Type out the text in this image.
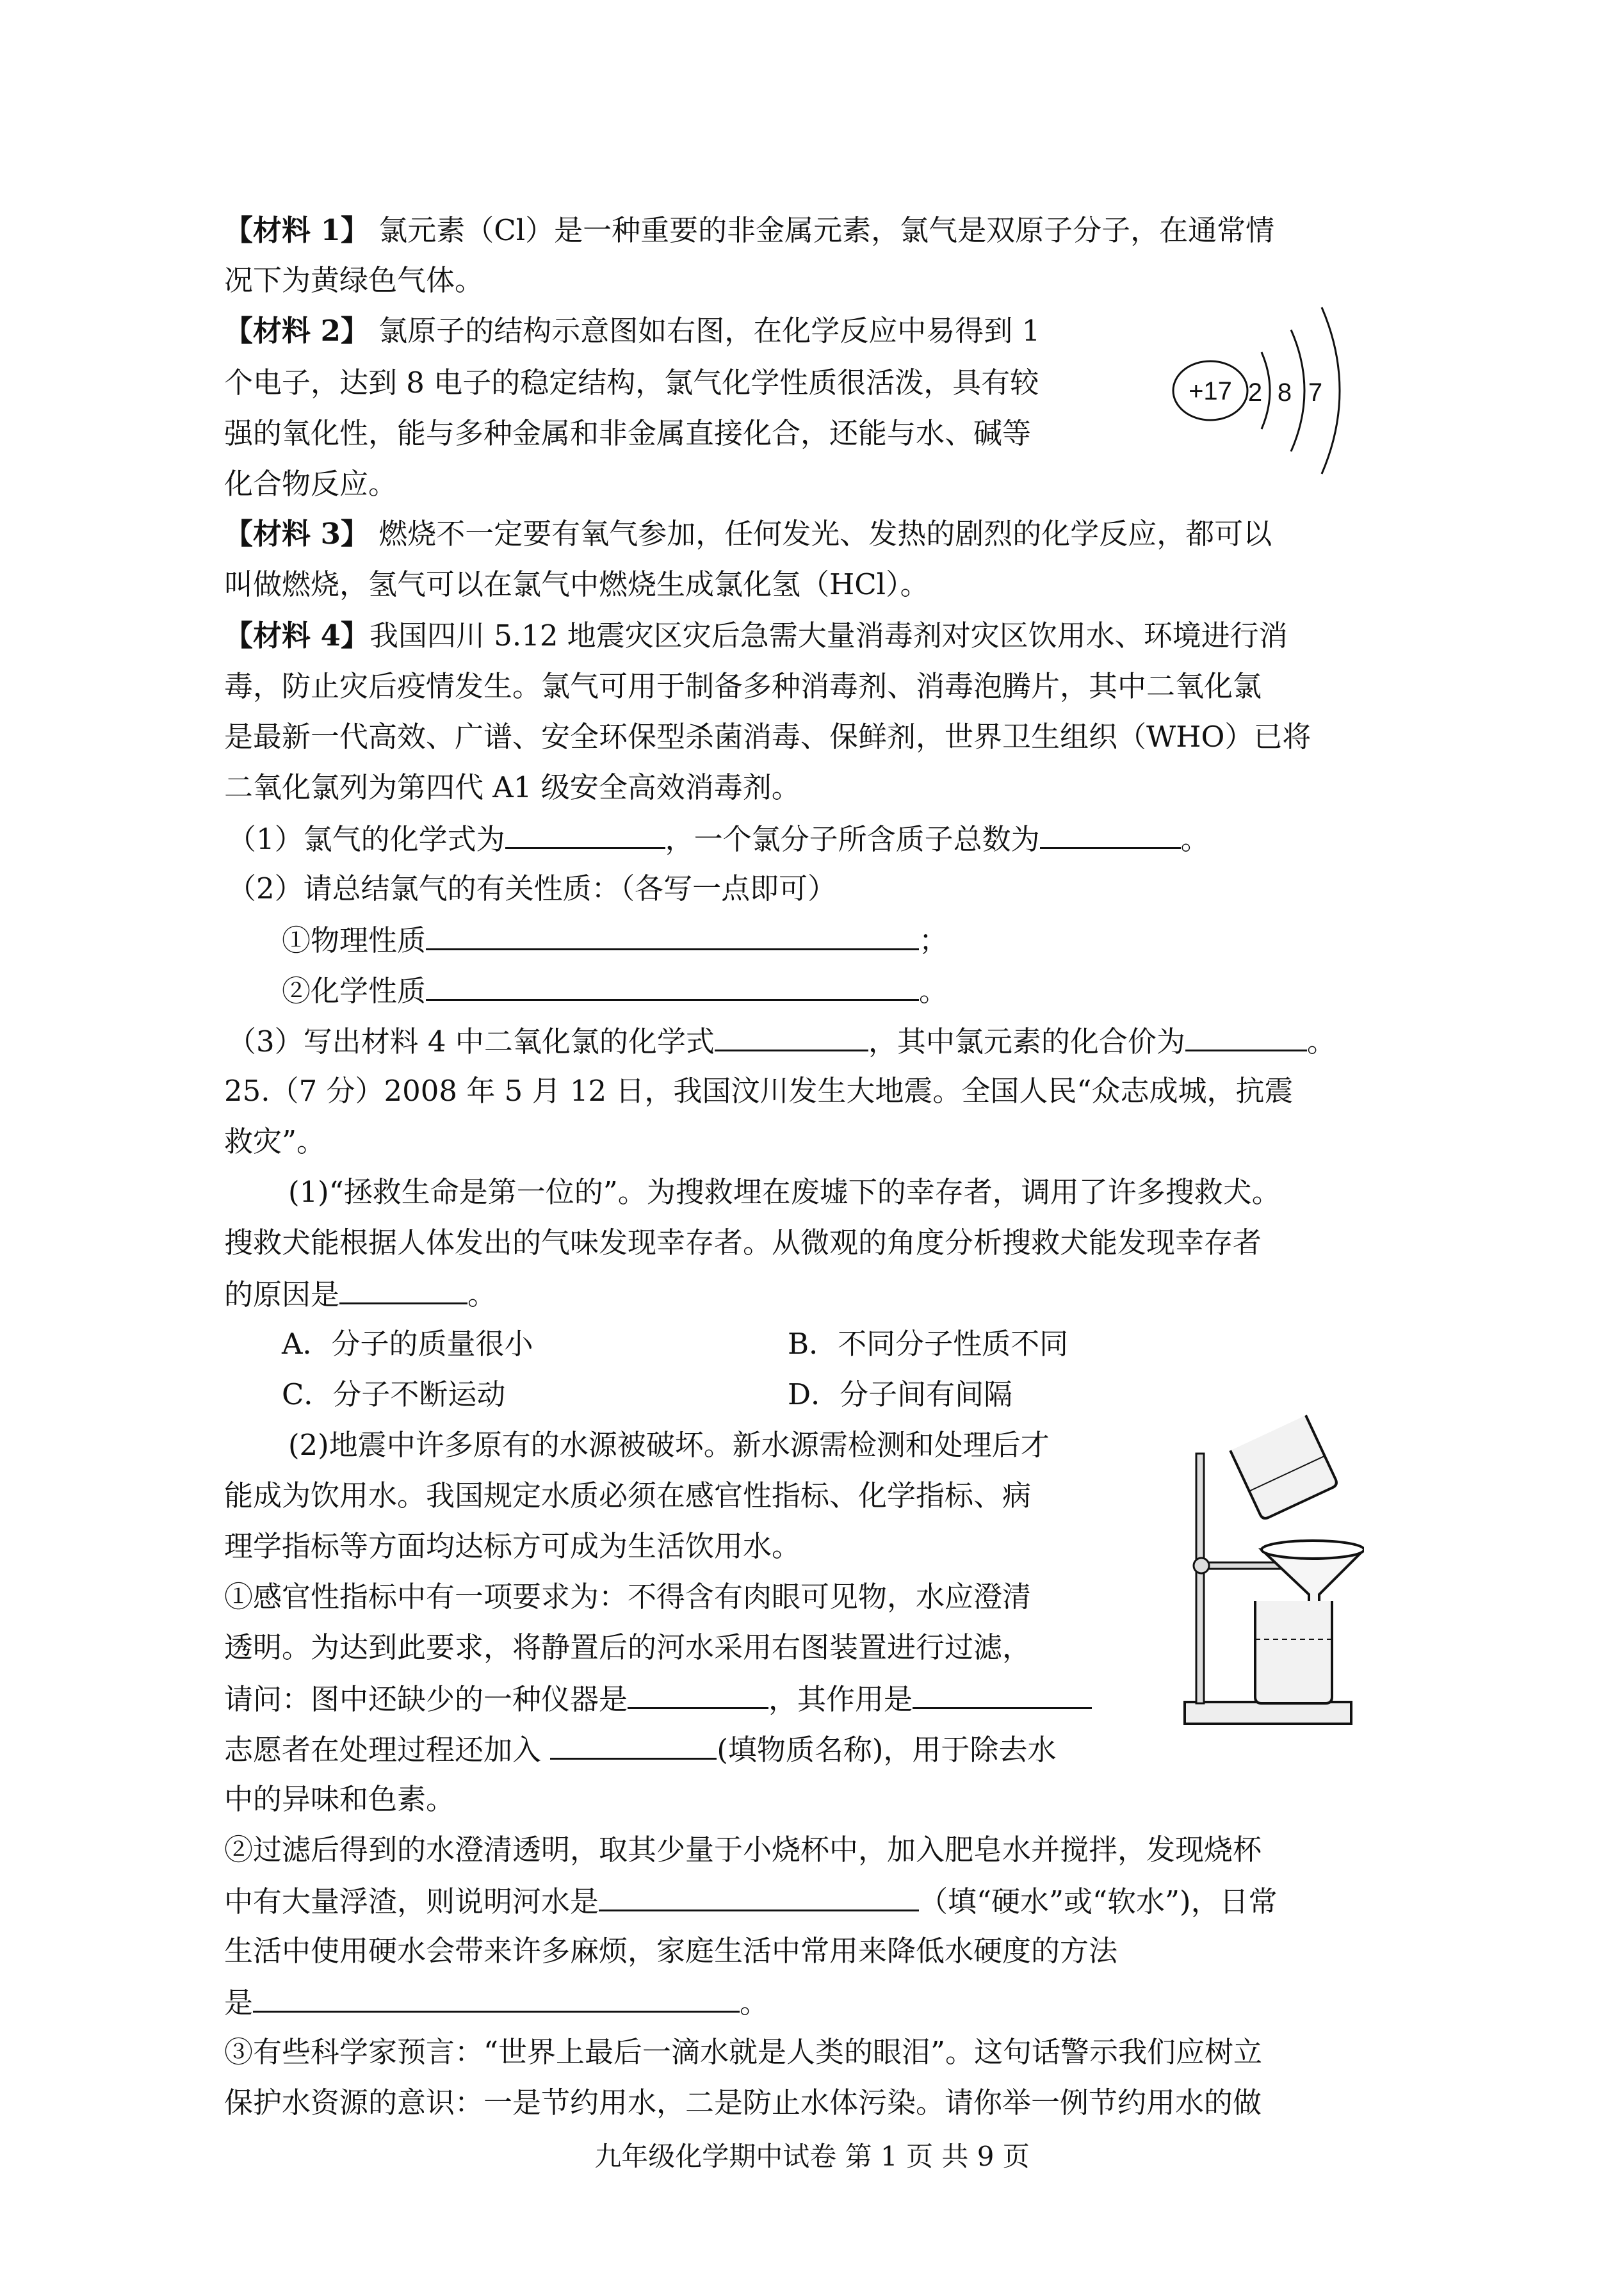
【材料 1】 氯元素（Cl）是一种重要的非金属元素，氯气是双原子分子，在通常情
况下为黄绿色气体。
【材料 2】 氯原子的结构示意图如右图，在化学反应中易得到 1
个电子，达到 8 电子的稳定结构，氯气化学性质很活泼，具有较
强的氧化性，能与多种金属和非金属直接化合，还能与水、碱等
化合物反应。
+17 2 8 7
【材料 3】 燃烧不一定要有氧气参加，任何发光、发热的剧烈的化学反应，都可以
叫做燃烧，氢气可以在氯气中燃烧生成氯化氢（HCl）。
【材料 4】我国四川 5.12 地震灾区灾后急需大量消毒剂对灾区饮用水、环境进行消
毒，防止灾后疫情发生。氯气可用于制备多种消毒剂、消毒泡腾片，其中二氧化氯
是最新一代高效、广谱、安全环保型杀菌消毒、保鲜剂，世界卫生组织（WHO）已将
二氧化氯列为第四代 A1 级安全高效消毒剂。
（1）氯气的化学式为	，一个氯分子所含质子总数为	。
（2）请总结氯气的有关性质：（各写一点即可）
①物理性质	；
②化学性质	。
（3）写出材料 4 中二氧化氯的化学式	，其中氯元素的化合价为	。
25.（7 分）2008 年 5 月 12 日，我国汶川发生大地震。全国人民“众志成城，抗震
救灾”。
(1)“拯救生命是第一位的”。为搜救埋在废墟下的幸存者，调用了许多搜救犬。
搜救犬能根据人体发出的气味发现幸存者。从微观的角度分析搜救犬能发现幸存者
的原因是	。
A．分子的质量很小	B．不同分子性质不同
C．分子不断运动	D．分子间有间隔
(2)地震中许多原有的水源被破坏。新水源需检测和处理后才
能成为饮用水。我国规定水质必须在感官性指标、化学指标、病
理学指标等方面均达标方可成为生活饮用水。
①感官性指标中有一项要求为：不得含有肉眼可见物，水应澄清
透明。为达到此要求，将静置后的河水采用右图装置进行过滤，
请问：图中还缺少的一种仪器是	，其作用是
志愿者在处理过程还加入	(填物质名称)，用于除去水
中的异味和色素。
②过滤后得到的水澄清透明，取其少量于小烧杯中，加入肥皂水并搅拌，发现烧杯
中有大量浮渣，则说明河水是	（填“硬水”或“软水”)，日常
生活中使用硬水会带来许多麻烦，家庭生活中常用来降低水硬度的方法
是	。
③有些科学家预言：“世界上最后一滴水就是人类的眼泪”。这句话警示我们应树立
保护水资源的意识：一是节约用水，二是防止水体污染。请你举一例节约用水的做
九年级化学期中试卷 第 1 页 共 9 页
